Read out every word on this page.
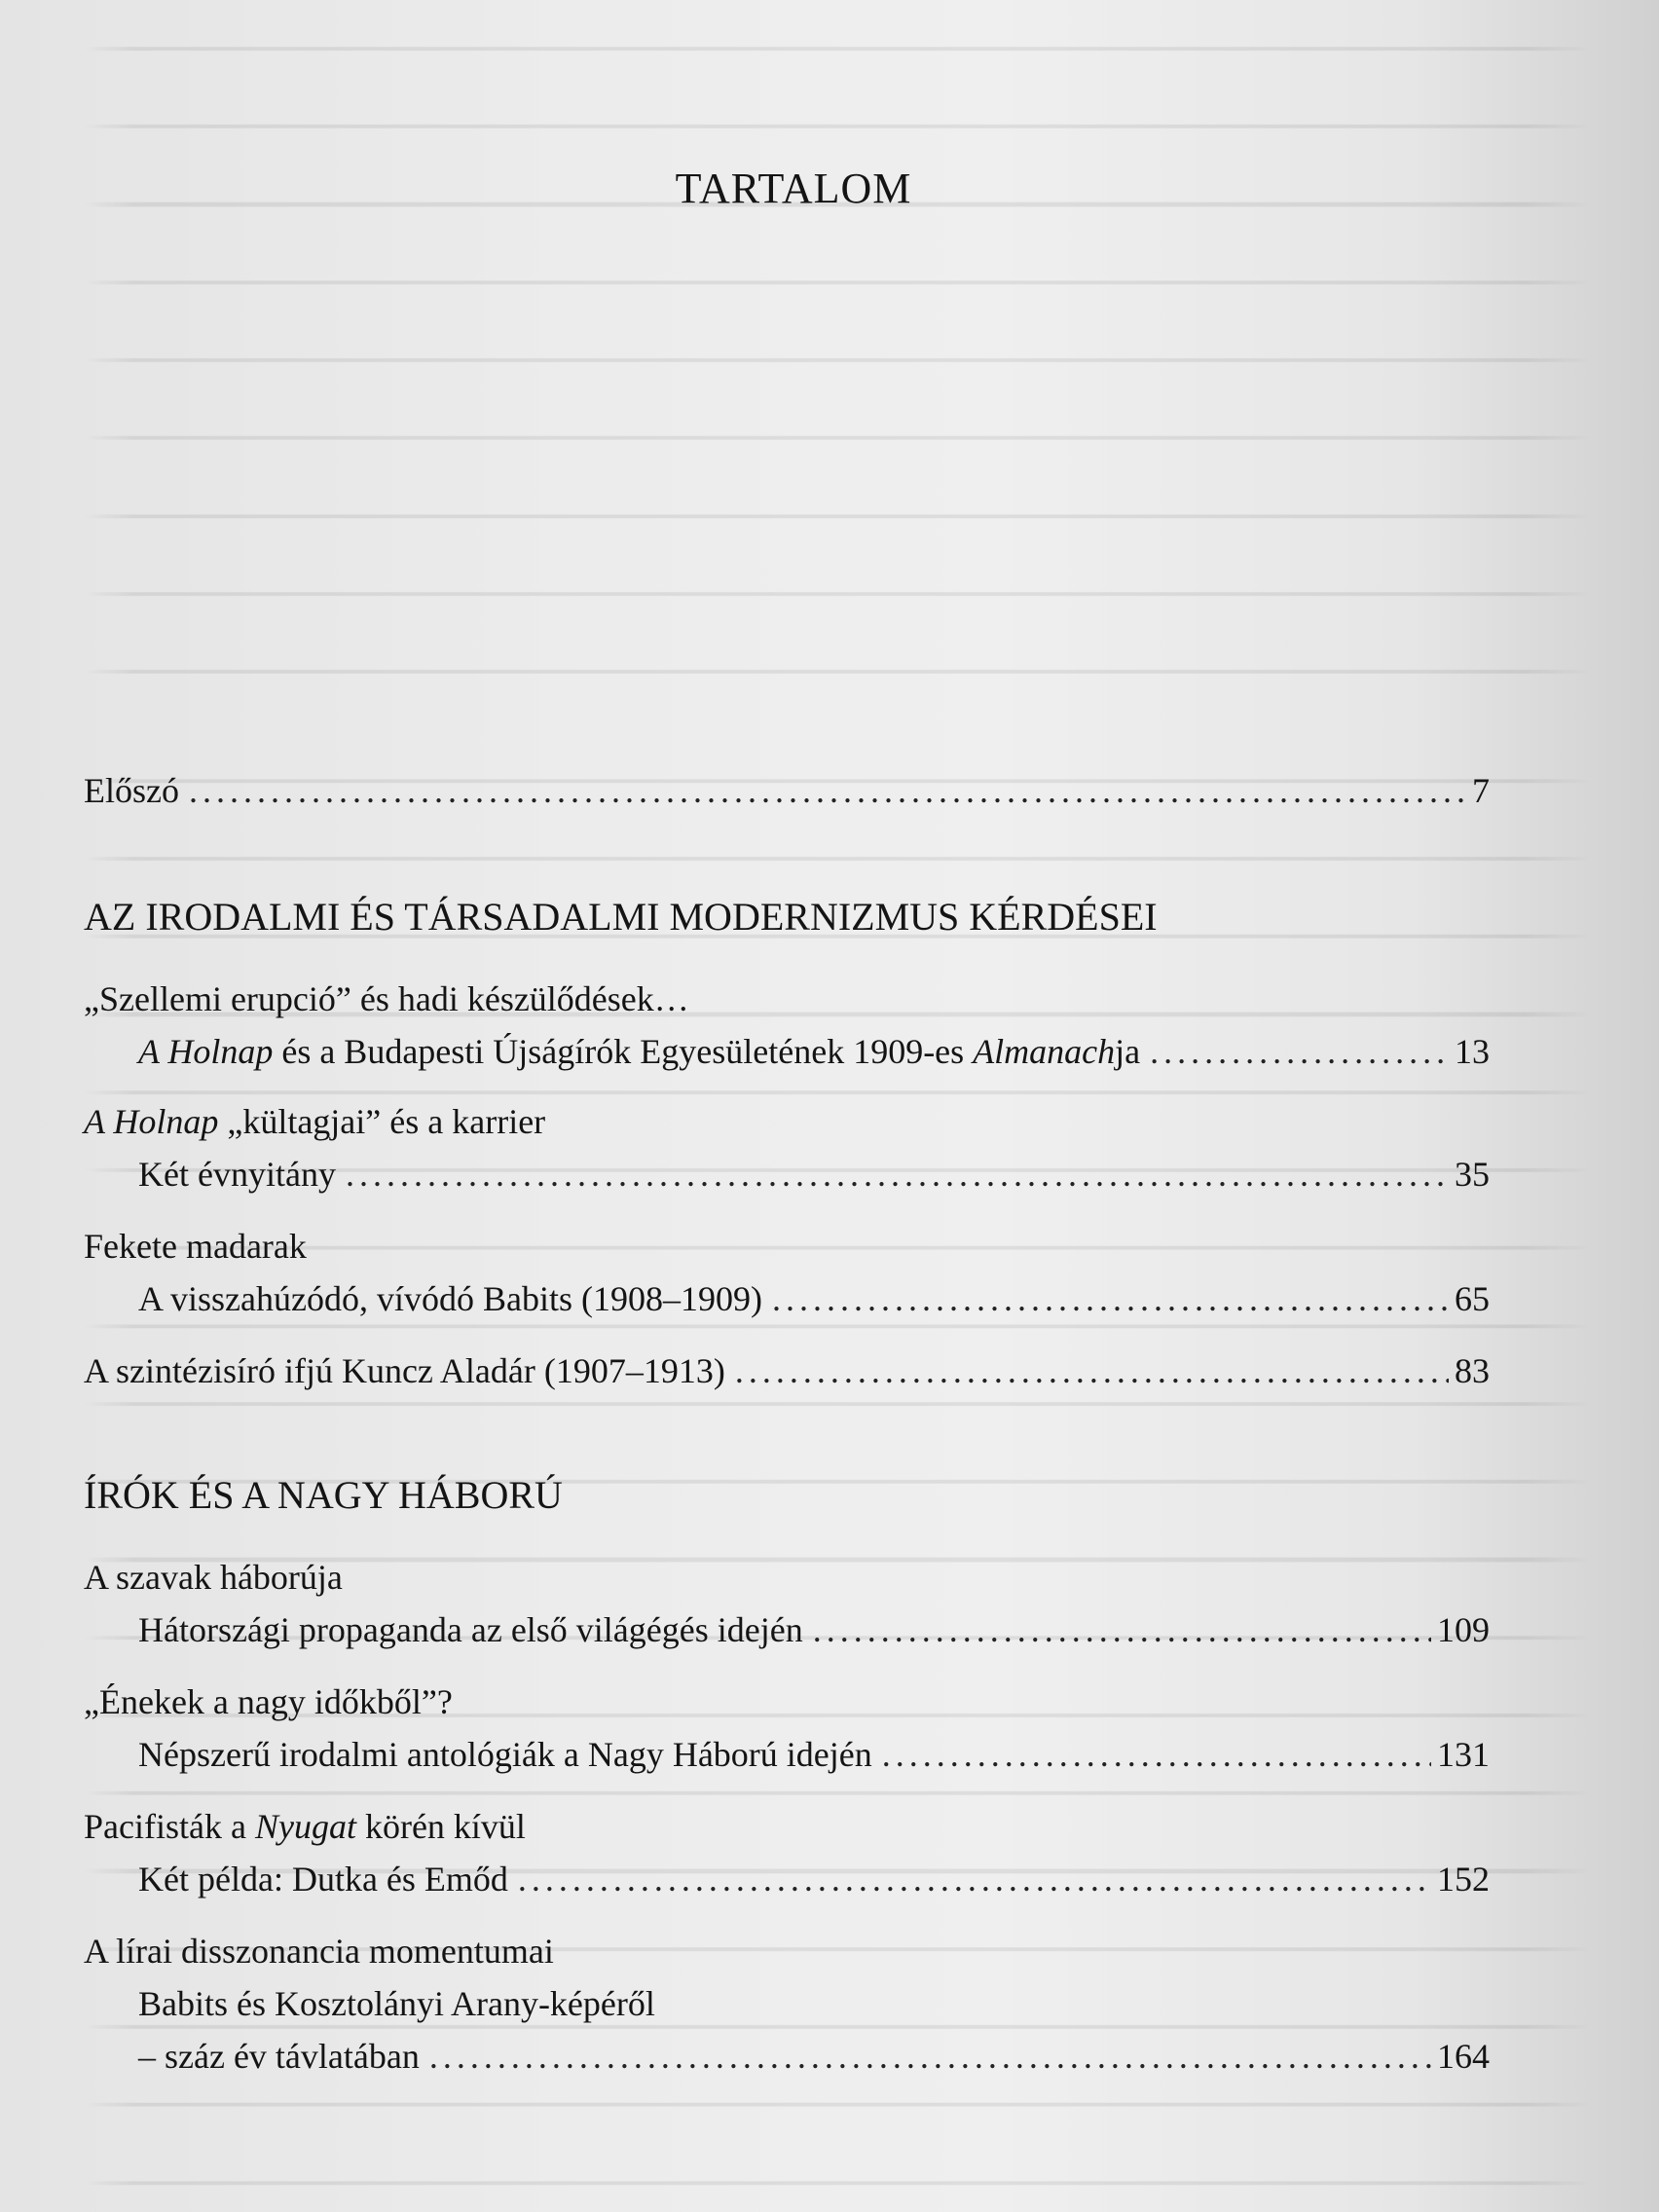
TARTALOM
Előszó .....	7
AZ IRODALMI ÉS TÁRSADALMI MODERNIZMUS KÉRDÉSEI
„Szellemi erupció” és hadi készülődések…
A Holnap és a Budapesti Újságírók Egyesületének 1909-es Almanachja .....	13
A Holnap „kültagjai” és a karrier
Két évnyitány .....	35
Fekete madarak
A visszahúzódó, vívódó Babits (1908–1909) .....	65
A szintézisíró ifjú Kuncz Aladár (1907–1913) .....	83
ÍRÓK ÉS A NAGY HÁBORÚ
A szavak háborúja
Hátországi propaganda az első világégés idején .....	109
„Énekek a nagy időkből”?
Népszerű irodalmi antológiák a Nagy Háború idején .....	131
Pacifisták a Nyugat körén kívül
Két példa: Dutka és Emőd .....	152
A lírai disszonancia momentumai
Babits és Kosztolányi Arany-képéről
– száz év távlatában .....	164
